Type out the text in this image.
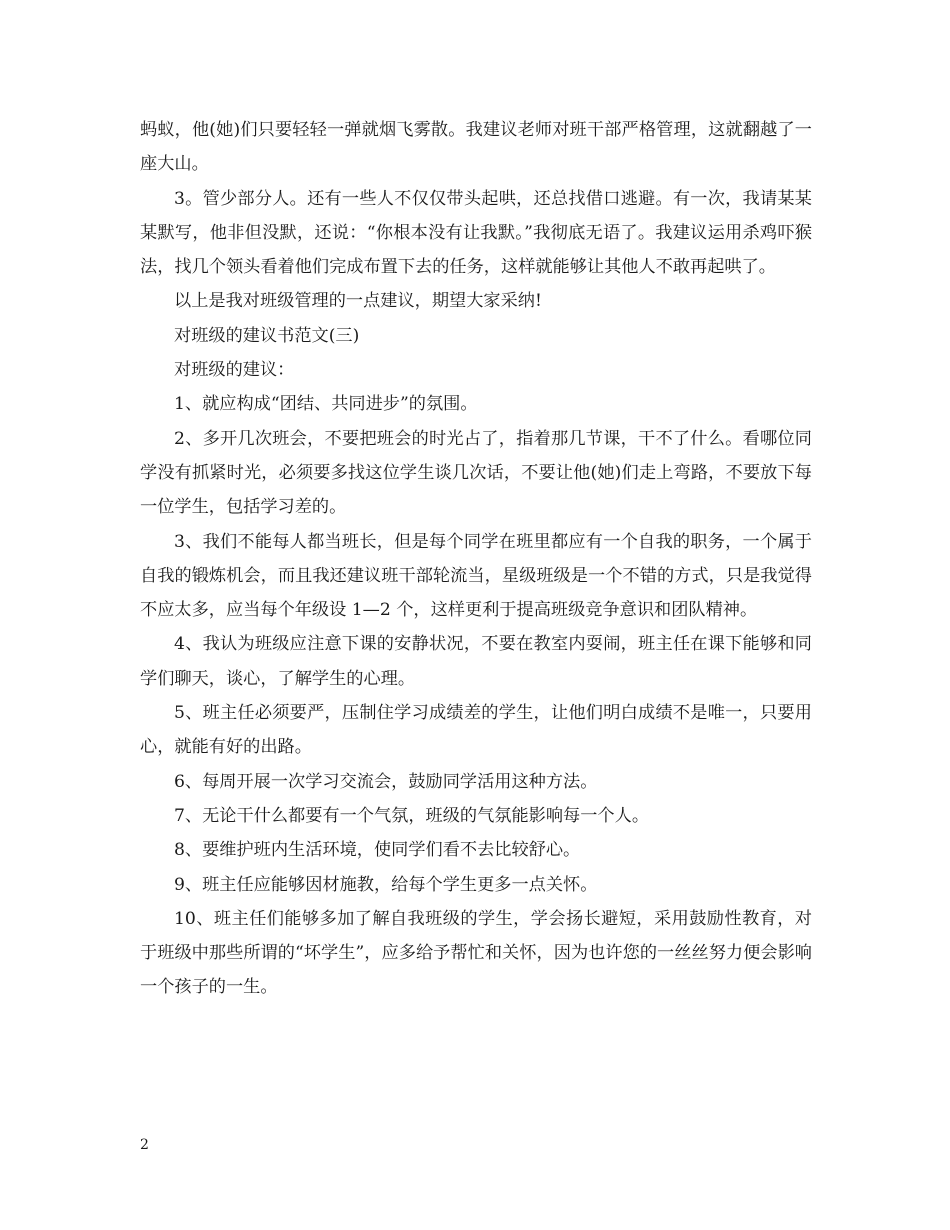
蚂蚁，他(她)们只要轻轻一弹就烟飞雾散。我建议老师对班干部严格管理，这就翻越了一座大山。

3。管少部分人。还有一些人不仅仅带头起哄，还总找借口逃避。有一次，我请某某某默写，他非但没默，还说：“你根本没有让我默。”我彻底无语了。我建议运用杀鸡吓猴法，找几个领头看着他们完成布置下去的任务，这样就能够让其他人不敢再起哄了。

以上是我对班级管理的一点建议，期望大家采纳!

对班级的建议书范文(三)

对班级的建议：

1、就应构成“团结、共同进步”的氛围。

2、多开几次班会，不要把班会的时光占了，指着那几节课，干不了什么。看哪位同学没有抓紧时光，必须要多找这位学生谈几次话，不要让他(她)们走上弯路，不要放下每一位学生，包括学习差的。

3、我们不能每人都当班长，但是每个同学在班里都应有一个自我的职务，一个属于自我的锻炼机会，而且我还建议班干部轮流当，星级班级是一个不错的方式，只是我觉得不应太多，应当每个年级设 1—2 个，这样更利于提高班级竞争意识和团队精神。

4、我认为班级应注意下课的安静状况，不要在教室内耍闹，班主任在课下能够和同学们聊天，谈心，了解学生的心理。

5、班主任必须要严，压制住学习成绩差的学生，让他们明白成绩不是唯一，只要用心，就能有好的出路。

6、每周开展一次学习交流会，鼓励同学活用这种方法。

7、无论干什么都要有一个气氛，班级的气氛能影响每一个人。

8、要维护班内生活环境，使同学们看不去比较舒心。

9、班主任应能够因材施教，给每个学生更多一点关怀。

10、班主任们能够多加了解自我班级的学生，学会扬长避短，采用鼓励性教育，对于班级中那些所谓的“坏学生”，应多给予帮忙和关怀，因为也许您的一丝丝努力便会影响一个孩子的一生。

2
